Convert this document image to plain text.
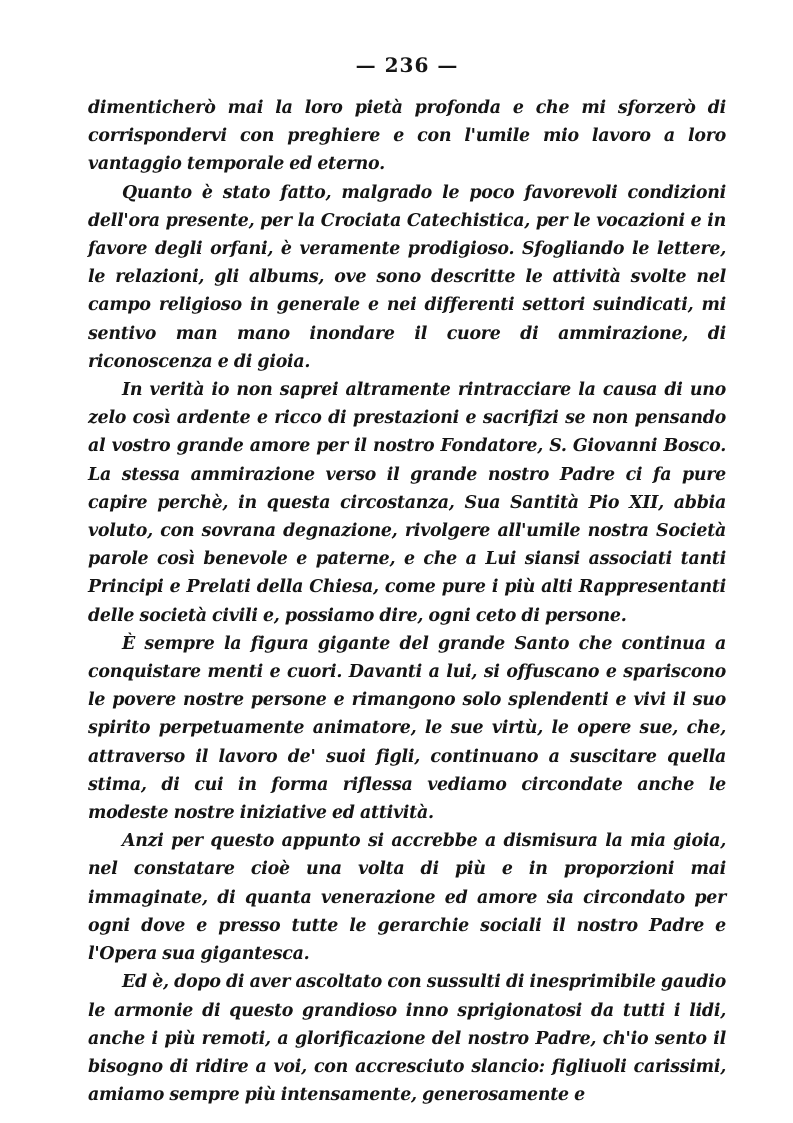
— 236 —

dimenticherò mai la loro pietà profonda e che mi sforzerò di corrispondervi con preghiere e con l'umile mio lavoro a loro vantaggio temporale ed eterno.

Quanto è stato fatto, malgrado le poco favorevoli condizioni dell'ora presente, per la Crociata Catechistica, per le vocazioni e in favore degli orfani, è veramente prodigioso. Sfogliando le lettere, le relazioni, gli albums, ove sono descritte le attività svolte nel campo religioso in generale e nei differenti settori suindicati, mi sentivo man mano inondare il cuore di ammirazione, di riconoscenza e di gioia.

In verità io non saprei altramente rintracciare la causa di uno zelo così ardente e ricco di prestazioni e sacrifizi se non pensando al vostro grande amore per il nostro Fondatore, S. Giovanni Bosco. La stessa ammirazione verso il grande nostro Padre ci fa pure capire perchè, in questa circostanza, Sua Santità Pio XII, abbia voluto, con sovrana degnazione, rivolgere all'umile nostra Società parole così benevole e paterne, e che a Lui siansi associati tanti Principi e Prelati della Chiesa, come pure i più alti Rappresentanti delle società civili e, possiamo dire, ogni ceto di persone.

È sempre la figura gigante del grande Santo che continua a conquistare menti e cuori. Davanti a lui, si offuscano e spariscono le povere nostre persone e rimangono solo splendenti e vivi il suo spirito perpetuamente animatore, le sue virtù, le opere sue, che, attraverso il lavoro de' suoi figli, continuano a suscitare quella stima, di cui in forma riflessa vediamo circondate anche le modeste nostre iniziative ed attività.

Anzi per questo appunto si accrebbe a dismisura la mia gioia, nel constatare cioè una volta di più e in proporzioni mai immaginate, di quanta venerazione ed amore sia circondato per ogni dove e presso tutte le gerarchie sociali il nostro Padre e l'Opera sua gigantesca.

Ed è, dopo di aver ascoltato con sussulti di inesprimibile gaudio le armonie di questo grandioso inno sprigionatosi da tutti i lidi, anche i più remoti, a glorificazione del nostro Padre, ch'io sento il bisogno di ridire a voi, con accresciuto slancio: figliuoli carissimi, amiamo sempre più intensamente, generosamente e
